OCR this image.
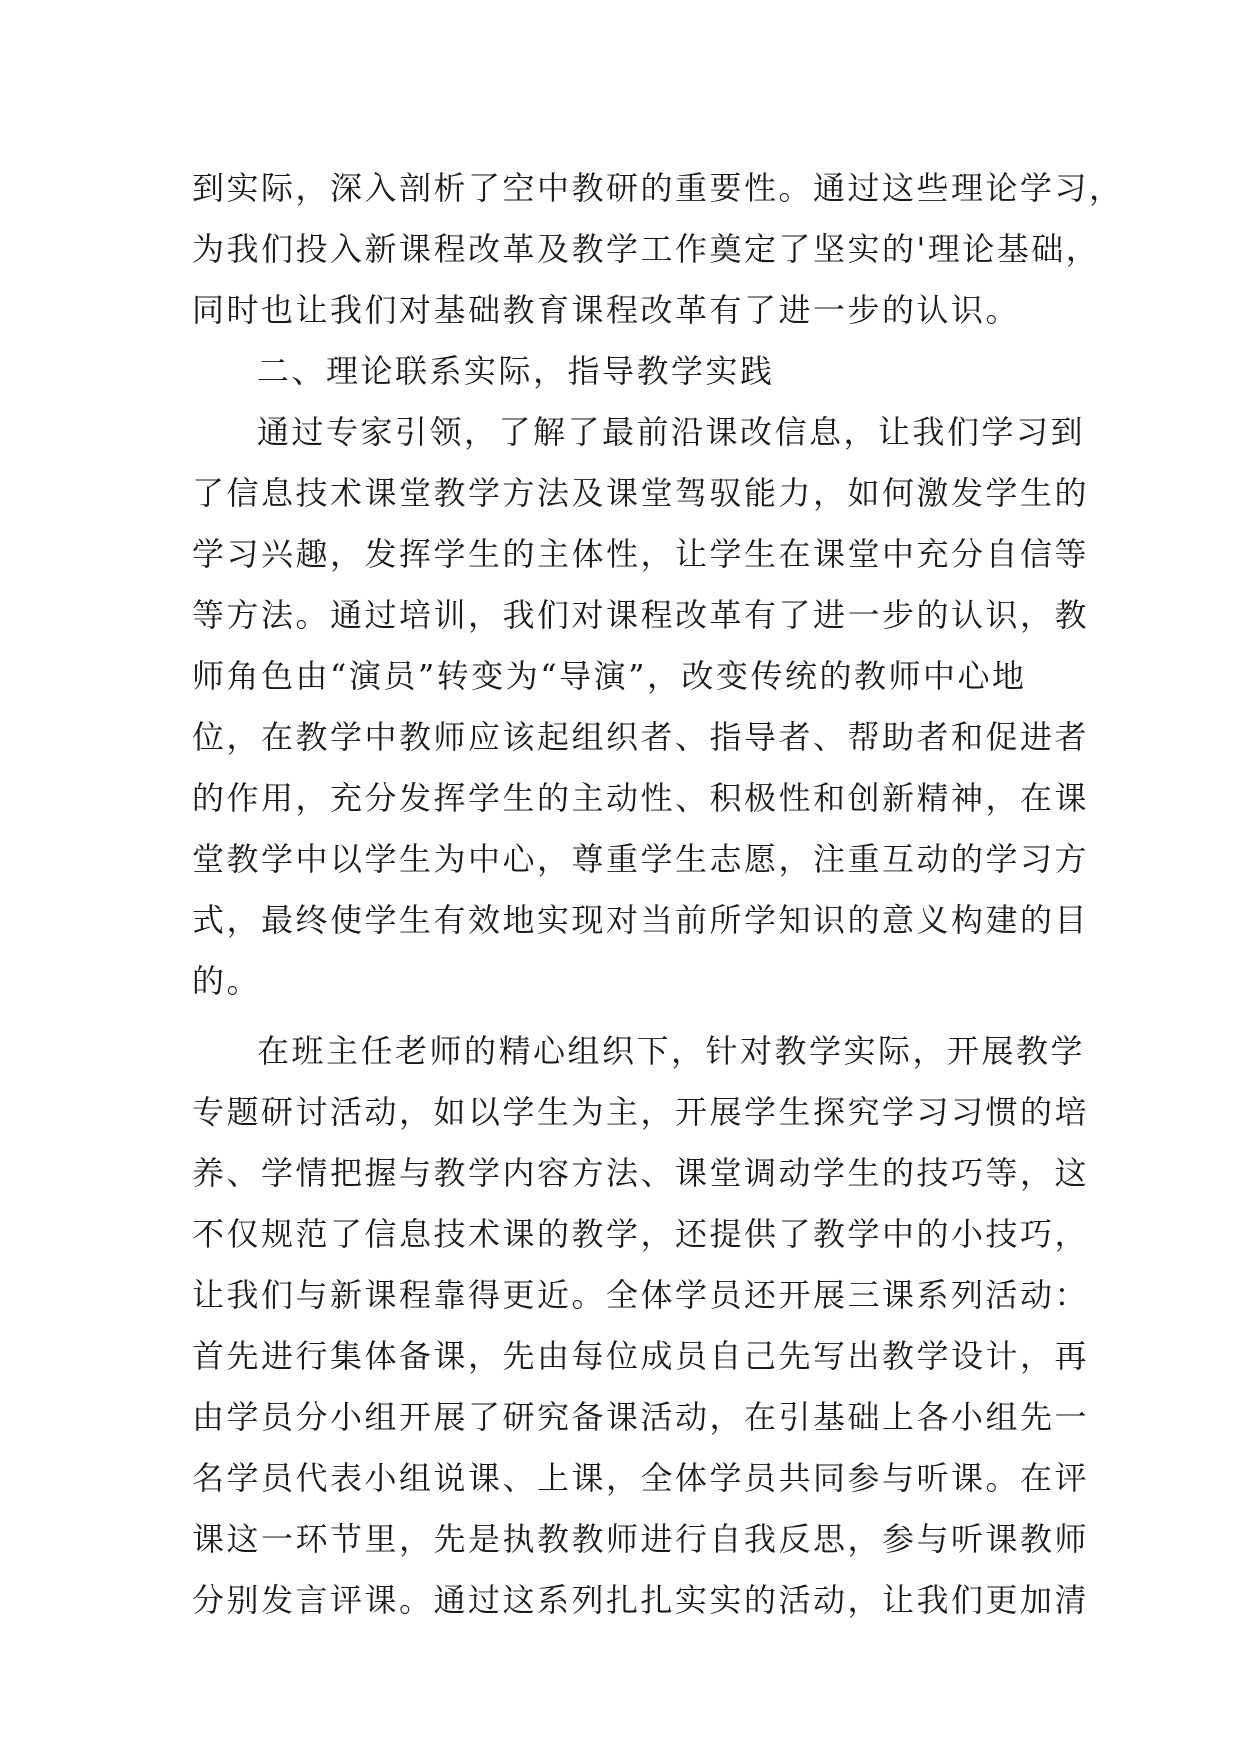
到实际，深入剖析了空中教研的重要性。通过这些理论学习，
为我们投入新课程改革及教学工作奠定了坚实的'理论基础，
同时也让我们对基础教育课程改革有了进一步的认识。
二、理论联系实际，指导教学实践
通过专家引领，了解了最前沿课改信息，让我们学习到
了信息技术课堂教学方法及课堂驾驭能力，如何激发学生的
学习兴趣，发挥学生的主体性，让学生在课堂中充分自信等
等方法。通过培训，我们对课程改革有了进一步的认识，教
师角色由“演员”转变为“导演”，改变传统的教师中心地
位，在教学中教师应该起组织者、指导者、帮助者和促进者
的作用，充分发挥学生的主动性、积极性和创新精神，在课
堂教学中以学生为中心，尊重学生志愿，注重互动的学习方
式，最终使学生有效地实现对当前所学知识的意义构建的目
的。
在班主任老师的精心组织下，针对教学实际，开展教学
专题研讨活动，如以学生为主，开展学生探究学习习惯的培
养、学情把握与教学内容方法、课堂调动学生的技巧等，这
不仅规范了信息技术课的教学，还提供了教学中的小技巧，
让我们与新课程靠得更近。全体学员还开展三课系列活动：
首先进行集体备课，先由每位成员自己先写出教学设计，再
由学员分小组开展了研究备课活动，在引基础上各小组先一
名学员代表小组说课、上课，全体学员共同参与听课。在评
课这一环节里，先是执教教师进行自我反思，参与听课教师
分别发言评课。通过这系列扎扎实实的活动，让我们更加清
